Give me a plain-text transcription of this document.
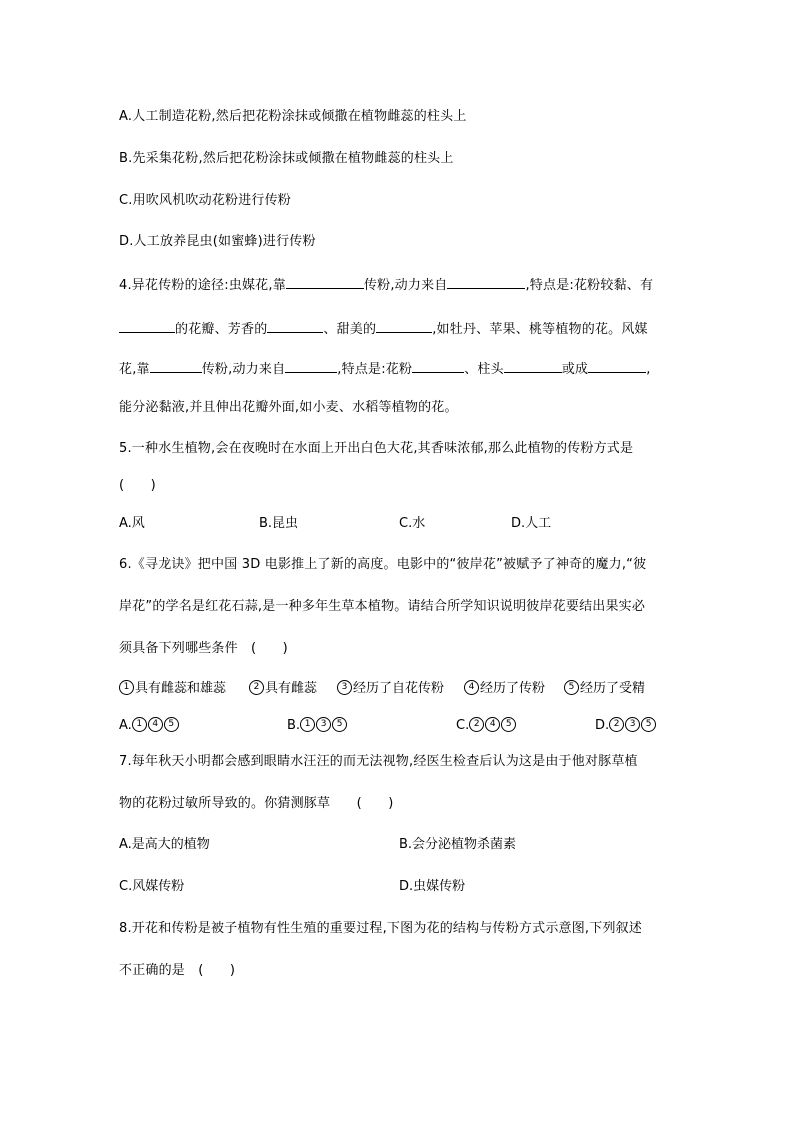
A.人工制造花粉,然后把花粉涂抹或倾撒在植物雌蕊的柱头上
B.先采集花粉,然后把花粉涂抹或倾撒在植物雌蕊的柱头上
C.用吹风机吹动花粉进行传粉
D.人工放养昆虫(如蜜蜂)进行传粉
4.异花传粉的途径:虫媒花,靠	传粉,动力来自	,特点是:花粉较黏、有
的花瓣、芳香的	、甜美的	,如牡丹、苹果、桃等植物的花。风媒
花,靠	传粉,动力来自	,特点是:花粉	、柱头	或成	,
能分泌黏液,并且伸出花瓣外面,如小麦、水稻等植物的花。
5.一种水生植物,会在夜晚时在水面上开出白色大花,其香味浓郁,那么此植物的传粉方式是
(　　)
A.风	B.昆虫	C.水	D.人工
6.《寻龙诀》把中国 3D 电影推上了新的高度。电影中的“彼岸花”被赋予了神奇的魔力,“彼
岸花”的学名是红花石蒜,是一种多年生草本植物。请结合所学知识说明彼岸花要结出果实必
须具备下列哪些条件　(　　)
1 具有雌蕊和雄蕊	2 具有雌蕊	3 经历了自花传粉	4 经历了传粉	5 经历了受精
A. 1 4 5	B. 1 3 5	C. 2 4 5	D. 2 3 5
7.每年秋天小明都会感到眼睛水汪汪的而无法视物,经医生检查后认为这是由于他对豚草植
物的花粉过敏所导致的。你猜测豚草　　(　　)
A.是高大的植物	B.会分泌植物杀菌素
C.风媒传粉	D.虫媒传粉
8.开花和传粉是被子植物有性生殖的重要过程,下图为花的结构与传粉方式示意图,下列叙述
不正确的是　(　　)
